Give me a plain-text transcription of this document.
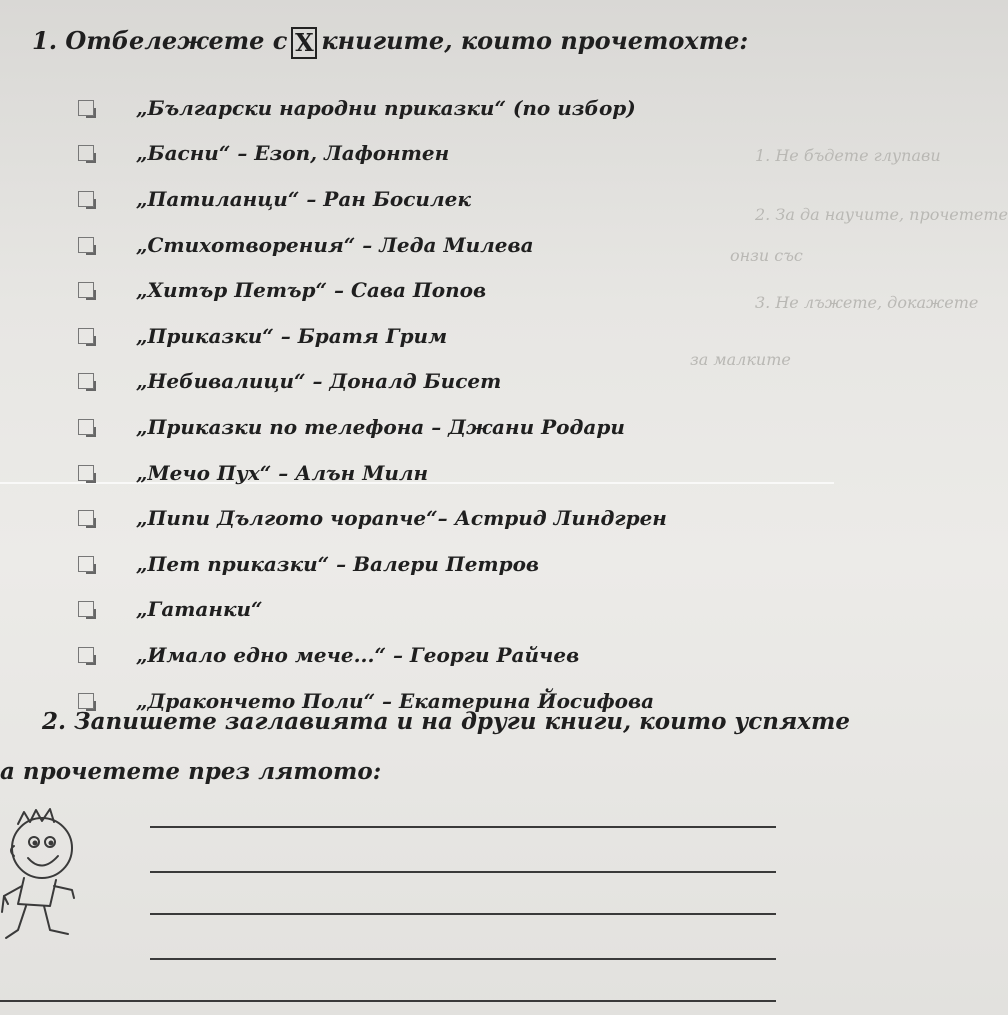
1. Не бъдете глупави
2. За да научите, прочетете
онзи със
3. Не лъжете, докажете
за малките
1. Отбележете с X книгите, които прочетохте:
„Български народни приказки“ (по избор)
„Басни“ – Езоп, Лафонтен
„Патиланци“ – Ран Босилек
„Стихотворения“ – Леда Милева
„Хитър Петър“ – Сава Попов
„Приказки“ – Братя Грим
„Небивалици“ – Доналд Бисет
„Приказки по телефона – Джани Родари
„Мечо Пух“ – Алън Милн
„Пипи Дългото чорапче“– Астрид Линдгрен
„Пет приказки“ – Валери Петров
„Гатанки“
„Имало едно мече...“ – Георги Райчев
„Дракончето Поли“ – Екатерина Йосифова
2. Запишете заглавията и на други книги, които успяхте
а прочетете през лятото:
